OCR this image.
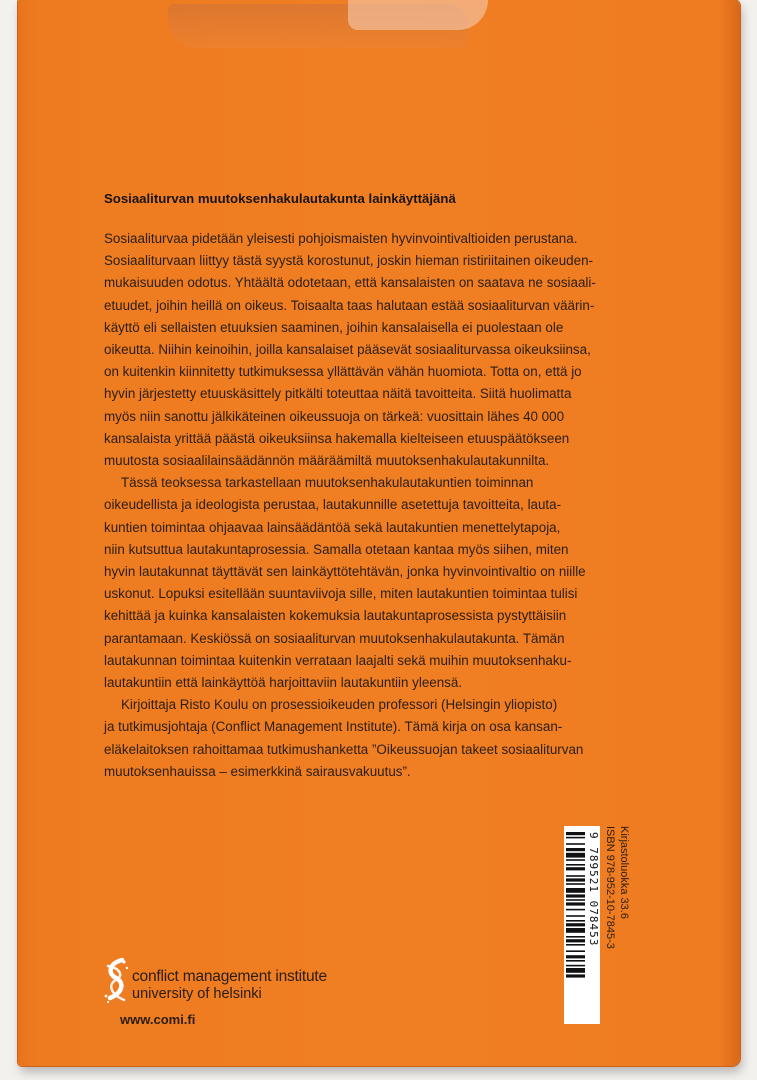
Sosiaaliturvan muutoksenhakulautakunta lainkäyttäjänä
Sosiaaliturvaa pidetään yleisesti pohjoismaisten hyvinvointivaltioiden perustana.
Sosiaaliturvaan liittyy tästä syystä korostunut, joskin hieman ristiriitainen oikeuden-
mukaisuuden odotus. Yhtäältä odotetaan, että kansalaisten on saatava ne sosiaali-
etuudet, joihin heillä on oikeus. Toisaalta taas halutaan estää sosiaaliturvan väärin-
käyttö eli sellaisten etuuksien saaminen, joihin kansalaisella ei puolestaan ole
oikeutta. Niihin keinoihin, joilla kansalaiset pääsevät sosiaaliturvassa oikeuksiinsa,
on kuitenkin kiinnitetty tutkimuksessa yllättävän vähän huomiota. Totta on, että jo
hyvin järjestetty etuuskäsittely pitkälti toteuttaa näitä tavoitteita. Siitä huolimatta
myös niin sanottu jälkikäteinen oikeussuoja on tärkeä: vuosittain lähes 40 000
kansalaista yrittää päästä oikeuksiinsa hakemalla kielteiseen etuuspäätökseen
muutosta sosiaalilainsäädännön määräämiltä muutoksenhakulautakunnilta.
Tässä teoksessa tarkastellaan muutoksenhakulautakuntien toiminnan
oikeudellista ja ideologista perustaa, lautakunnille asetettuja tavoitteita, lauta-
kuntien toimintaa ohjaavaa lainsäädäntöä sekä lautakuntien menettelytapoja,
niin kutsuttua lautakuntaprosessia. Samalla otetaan kantaa myös siihen, miten
hyvin lautakunnat täyttävät sen lainkäyttötehtävän, jonka hyvinvointivaltio on niille
uskonut. Lopuksi esitellään suuntaviivoja sille, miten lautakuntien toimintaa tulisi
kehittää ja kuinka kansalaisten kokemuksia lautakuntaprosessista pystyttäisiin
parantamaan. Keskiössä on sosiaaliturvan muutoksenhakulautakunta. Tämän
lautakunnan toimintaa kuitenkin verrataan laajalti sekä muihin muutoksenhaku-
lautakuntiin että lainkäyttöä harjoittaviin lautakuntiin yleensä.
Kirjoittaja Risto Koulu on prosessioikeuden professori (Helsingin yliopisto)
ja tutkimusjohtaja (Conflict Management Institute). Tämä kirja on osa kansan-
eläkelaitoksen rahoittamaa tutkimushanketta ”Oikeussuojan takeet sosiaaliturvan
muutoksenhauissa – esimerkkinä sairausvakuutus”.
conflict management institute
university of helsinki
www.comi.fi
9 789521 078453 ISBN 978-952-10-7845-3 Kirjastoluokka 33.6
